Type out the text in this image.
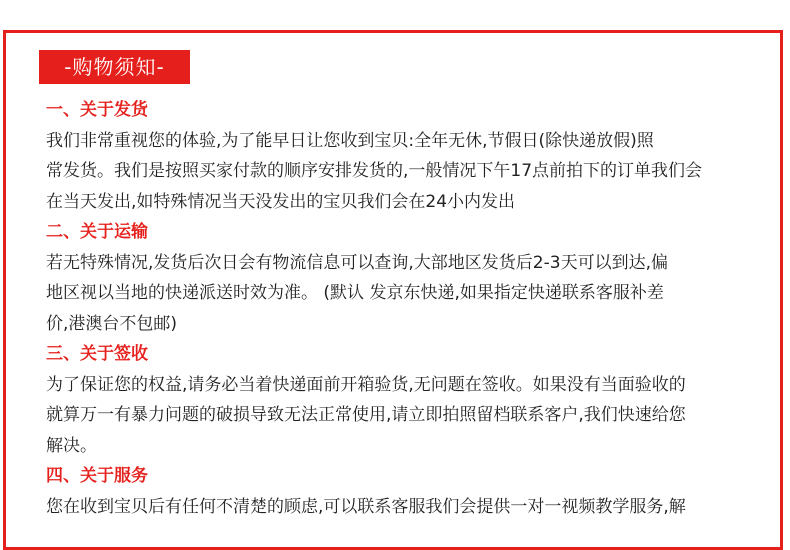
-购物须知-
一、关于发货
我们非常重视您的体验,为了能早日让您收到宝贝:全年无休,节假日(除快递放假)照
常发货。我们是按照买家付款的顺序安排发货的,一般情况下午17点前拍下的订单我们会
在当天发出,如特殊情况当天没发出的宝贝我们会在24小内发出
二、关于运输
若无特殊情况,发货后次日会有物流信息可以查询,大部地区发货后2-3天可以到达,偏
地区视以当地的快递派送时效为准。 (默认 发京东快递,如果指定快递联系客服补差
价,港澳台不包邮)
三、关于签收
为了保证您的权益,请务必当着快递面前开箱验货,无问题在签收。如果没有当面验收的
就算万一有暴力问题的破损导致无法正常使用,请立即拍照留档联系客户,我们快速给您
解决。
四、关于服务
您在收到宝贝后有任何不清楚的顾虑,可以联系客服我们会提供一对一视频教学服务,解
